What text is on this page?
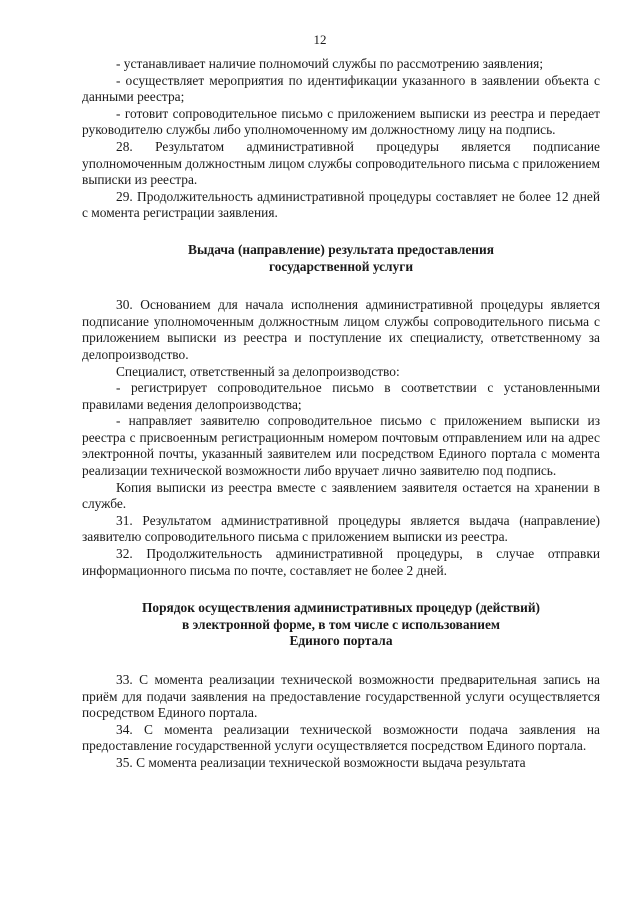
12

- устанавливает наличие полномочий службы по рассмотрению заявления;

- осуществляет мероприятия по идентификации указанного в заявлении объекта с данными реестра;

- готовит сопроводительное письмо с приложением выписки из реестра и передает руководителю службы либо уполномоченному им должностному лицу на подпись.

28. Результатом административной процедуры является подписание уполномоченным должностным лицом службы сопроводительного письма с приложением выписки из реестра.

29. Продолжительность административной процедуры составляет не более 12 дней с момента регистрации заявления.

Выдача (направление) результата предоставления
государственной услуги

30. Основанием для начала исполнения административной процедуры является подписание уполномоченным должностным лицом службы сопроводительного письма с приложением выписки из реестра и поступление их специалисту, ответственному за делопроизводство.

Специалист, ответственный за делопроизводство:

- регистрирует сопроводительное письмо в соответствии с установленными правилами ведения делопроизводства;

- направляет заявителю сопроводительное письмо с приложением выписки из реестра с присвоенным регистрационным номером почтовым отправлением или на адрес электронной почты, указанный заявителем или посредством Единого портала с момента реализации технической возможности либо вручает лично заявителю под подпись.

Копия выписки из реестра вместе с заявлением заявителя остается на хранении в службе.

31. Результатом административной процедуры является выдача (направление) заявителю сопроводительного письма с приложением выписки из реестра.

32. Продолжительность административной процедуры, в случае отправки информационного письма по почте, составляет не более 2 дней.

Порядок осуществления административных процедур (действий)
в электронной форме, в том числе с использованием
Единого портала

33. С момента реализации технической возможности предварительная запись на приём для подачи заявления на предоставление государственной услуги осуществляется посредством Единого портала.

34. С момента реализации технической возможности подача заявления на предоставление государственной услуги осуществляется посредством Единого портала.

35. С момента реализации технической возможности выдача результата
